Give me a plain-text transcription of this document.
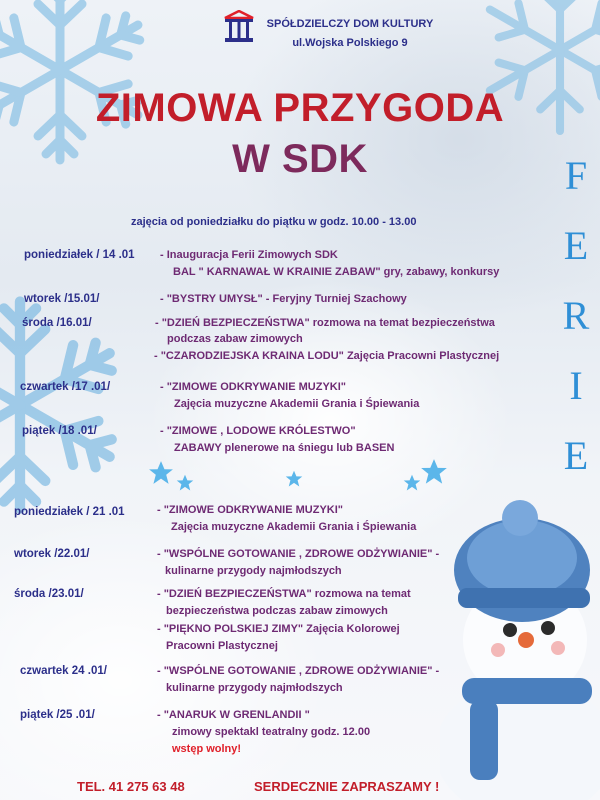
SPÓŁDZIELCZY DOM KULTURY
ul.Wojska Polskiego 9
ZIMOWA PRZYGODA
W SDK	F
E
R
I
E
zajęcia od poniedziałku do piątku w godz. 10.00 - 13.00
poniedziałek / 14 .01 - Inauguracja Ferii Zimowych SDK
BAL " KARNAWAŁ W KRAINIE ZABAW" gry, zabawy, konkursy
wtorek /15.01/	- "BYSTRY UMYSŁ" - Feryjny Turniej Szachowy
środa /16.01/	- "DZIEŃ BEZPIECZEŃSTWA" rozmowa na temat bezpieczeństwa
podczas zabaw zimowych
- "CZARODZIEJSKA KRAINA LODU" Zajęcia Pracowni Plastycznej
czwartek /17 .01/	- "ZIMOWE ODKRYWANIE MUZYKI"
Zajęcia muzyczne Akademii Grania i Śpiewania
piątek /18 .01/	- "ZIMOWE , LODOWE KRÓLESTWO"
ZABAWY plenerowe na śniegu lub BASEN
poniedziałek / 21 .01	- "ZIMOWE ODKRYWANIE MUZYKI"
Zajęcia muzyczne Akademii Grania i Śpiewania
wtorek /22.01/	- "WSPÓLNE GOTOWANIE , ZDROWE ODŻYWIANIE" -
kulinarne przygody najmłodszych
środa /23.01/	- "DZIEŃ BEZPIECZEŃSTWA" rozmowa na temat
bezpieczeństwa podczas zabaw zimowych
- "PIĘKNO POLSKIEJ ZIMY" Zajęcia Kolorowej
Pracowni Plastycznej
czwartek 24 .01/	- "WSPÓLNE GOTOWANIE , ZDROWE ODŻYWIANIE" -
kulinarne przygody najmłodszych
piątek /25 .01/	- "ANARUK W GRENLANDII "
zimowy spektakl teatralny godz. 12.00
wstęp wolny!
TEL. 41 275 63 48	SERDECZNIE ZAPRASZAMY !
